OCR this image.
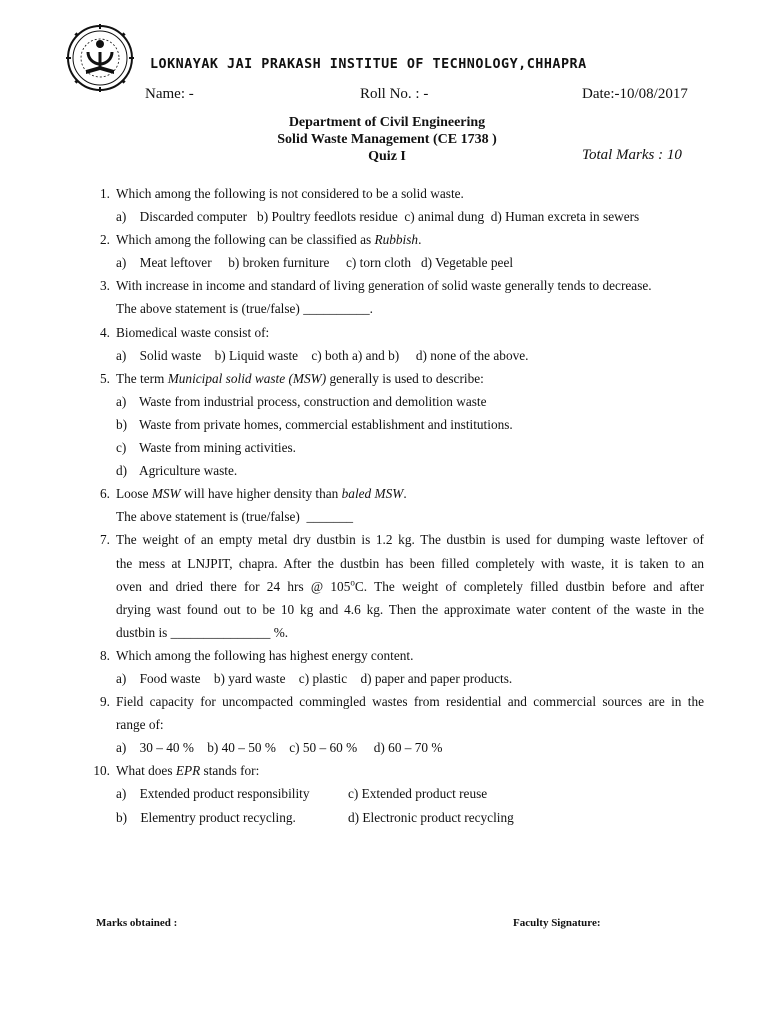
LOKNAYAK JAI PRAKASH INSTITUE OF TECHNOLOGY,CHHAPRA
Name: -	Roll No. : -	Date:-10/08/2017
Department of Civil Engineering
Solid Waste Management (CE 1738 )
Quiz I	Total Marks : 10
1. Which among the following is not considered to be a solid waste.
a)    Discarded computer   b) Poultry feedlots residue  c) animal dung  d) Human excreta in sewers
2. Which among the following can be classified as Rubbish.
a)    Meat leftover     b) broken furniture     c) torn cloth   d) Vegetable peel
3. With increase in income and standard of living generation of solid waste generally tends to decrease.
The above statement is (true/false) __________.
4. Biomedical waste consist of:
a)    Solid waste    b) Liquid waste    c) both a) and b)     d) none of the above.
5. The term Municipal solid waste (MSW) generally is used to describe:
a) Waste from industrial process, construction and demolition waste
b) Waste from private homes, commercial establishment and institutions.
c) Waste from mining activities.
d) Agriculture waste.
6. Loose MSW will have higher density than baled MSW.
The above statement is (true/false)  _______
7. The weight of an empty metal dry dustbin is 1.2 kg. The dustbin is used for dumping waste leftover of
the mess at LNJPIT, chapra. After the dustbin has been filled completely with waste, it is taken to an
oven and dried there for 24 hrs @ 105$^o$C. The weight of completely filled dustbin before and after
drying wast found out to be 10 kg and 4.6 kg. Then the approximate water content of the waste in the
dustbin is _______________ %.
8. Which among the following has highest energy content.
a)    Food waste    b) yard waste    c) plastic    d) paper and paper products.
9. Field capacity for uncompacted commingled wastes from residential and commercial sources are in the
range of:
a)    30 – 40 %    b) 40 – 50 %    c) 50 – 60 %     d) 60 – 70 %
10. What does EPR stands for:
a)    Extended product responsibility	c) Extended product reuse
b)    Elementry product recycling.	d) Electronic product recycling
Marks obtained :	Faculty Signature:
